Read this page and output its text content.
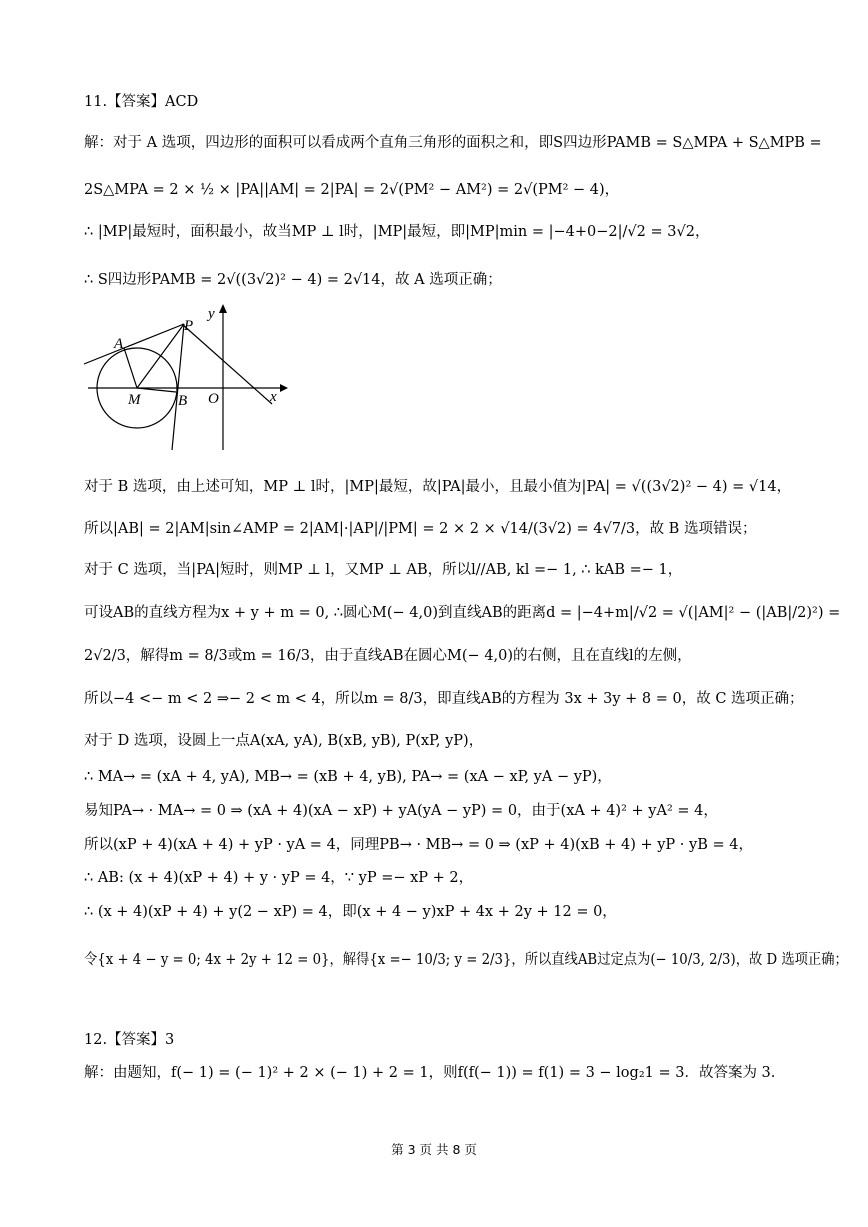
11.【答案】ACD
解：对于 A 选项，四边形的面积可以看成两个直角三角形的面积之和，即S四边形PAMB = S△MPA + S△MPB =
2S△MPA = 2 × ½ × |PA||AM| = 2|PA| = 2√(PM² − AM²) = 2√(PM² − 4)，
∴ |MP|最短时，面积最小，故当MP ⊥ l时，|MP|最短，即|MP|min = |−4+0−2|/√2 = 3√2，
∴ S四边形PAMB = 2√((3√2)² − 4) = 2√14，故 A 选项正确；
P
A
M	B O	x
y
对于 B 选项，由上述可知，MP ⊥ l时，|MP|最短，故|PA|最小，且最小值为|PA| = √((3√2)² − 4) = √14，
所以|AB| = 2|AM|sin∠AMP = 2|AM|·|AP|/|PM| = 2 × 2 × √14/(3√2) = 4√7/3，故 B 选项错误；
对于 C 选项，当|PA|短时，则MP ⊥ l，又MP ⊥ AB，所以l//AB, kl =− 1, ∴ kAB =− 1，
可设AB的直线方程为x + y + m = 0, ∴圆心M(− 4,0)到直线AB的距离d = |−4+m|/√2 = √(|AM|² − (|AB|/2)²) =
2√2/3，解得m = 8/3或m = 16/3，由于直线AB在圆心M(− 4,0)的右侧，且在直线l的左侧，
所以−4 <− m < 2 ⇒− 2 < m < 4，所以m = 8/3，即直线AB的方程为 3x + 3y + 8 = 0，故 C 选项正确；
对于 D 选项，设圆上一点A(xA, yA), B(xB, yB), P(xP, yP)，
∴ MA→ = (xA + 4, yA), MB→ = (xB + 4, yB), PA→ = (xA − xP, yA − yP)，
易知PA→ · MA→ = 0 ⇒ (xA + 4)(xA − xP) + yA(yA − yP) = 0，由于(xA + 4)² + yA² = 4，
所以(xP + 4)(xA + 4) + yP · yA = 4，同理PB→ · MB→ = 0 ⇒ (xP + 4)(xB + 4) + yP · yB = 4，
∴ AB: (x + 4)(xP + 4) + y · yP = 4，∵ yP =− xP + 2，
∴ (x + 4)(xP + 4) + y(2 − xP) = 4，即(x + 4 − y)xP + 4x + 2y + 12 = 0，
令{x + 4 − y = 0; 4x + 2y + 12 = 0}，解得{x =− 10/3; y = 2/3}，所以直线AB过定点为(− 10/3, 2/3)，故 D 选项正确；
12.【答案】3
解：由题知，f(− 1) = (− 1)² + 2 × (− 1) + 2 = 1，则f(f(− 1)) = f(1) = 3 − log₂1 = 3．故答案为 3.
第 3 页 共 8 页
